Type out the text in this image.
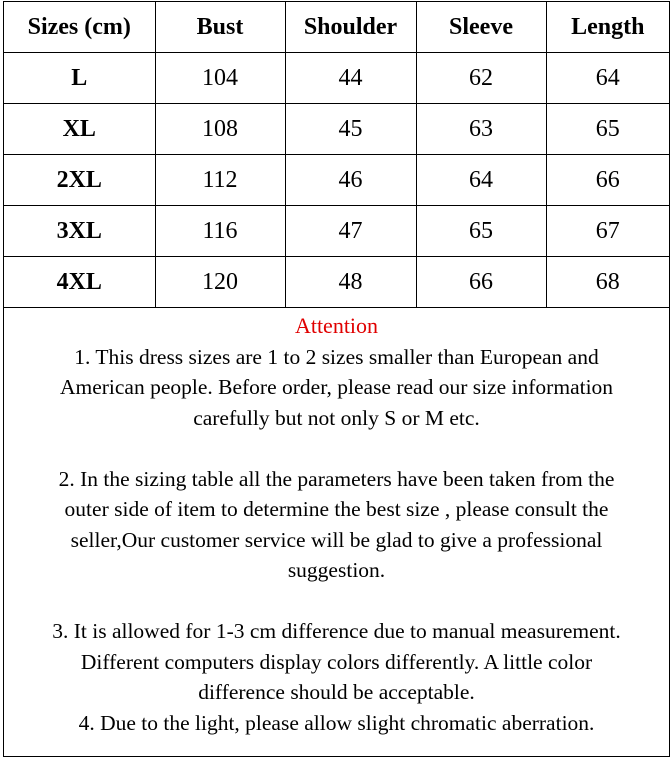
Sizes (cm)	Bust	Shoulder	Sleeve	Length
L	104	44	62	64
XL	108	45	63	65
2XL	112	46	64	66
3XL	116	47	65	67
4XL	120	48	66	68

Attention

1. This dress sizes are 1 to 2 sizes smaller than European and

American people. Before order, please read our size information

carefully but not only S or M etc.

2. In the sizing table all the parameters have been taken from the

outer side of item to determine the best size , please consult the

seller,Our customer service will be glad to give a professional

suggestion.

3. It is allowed for 1-3 cm difference due to manual measurement.

Different computers display colors differently. A little color

difference should be acceptable.

4. Due to the light, please allow slight chromatic aberration.
